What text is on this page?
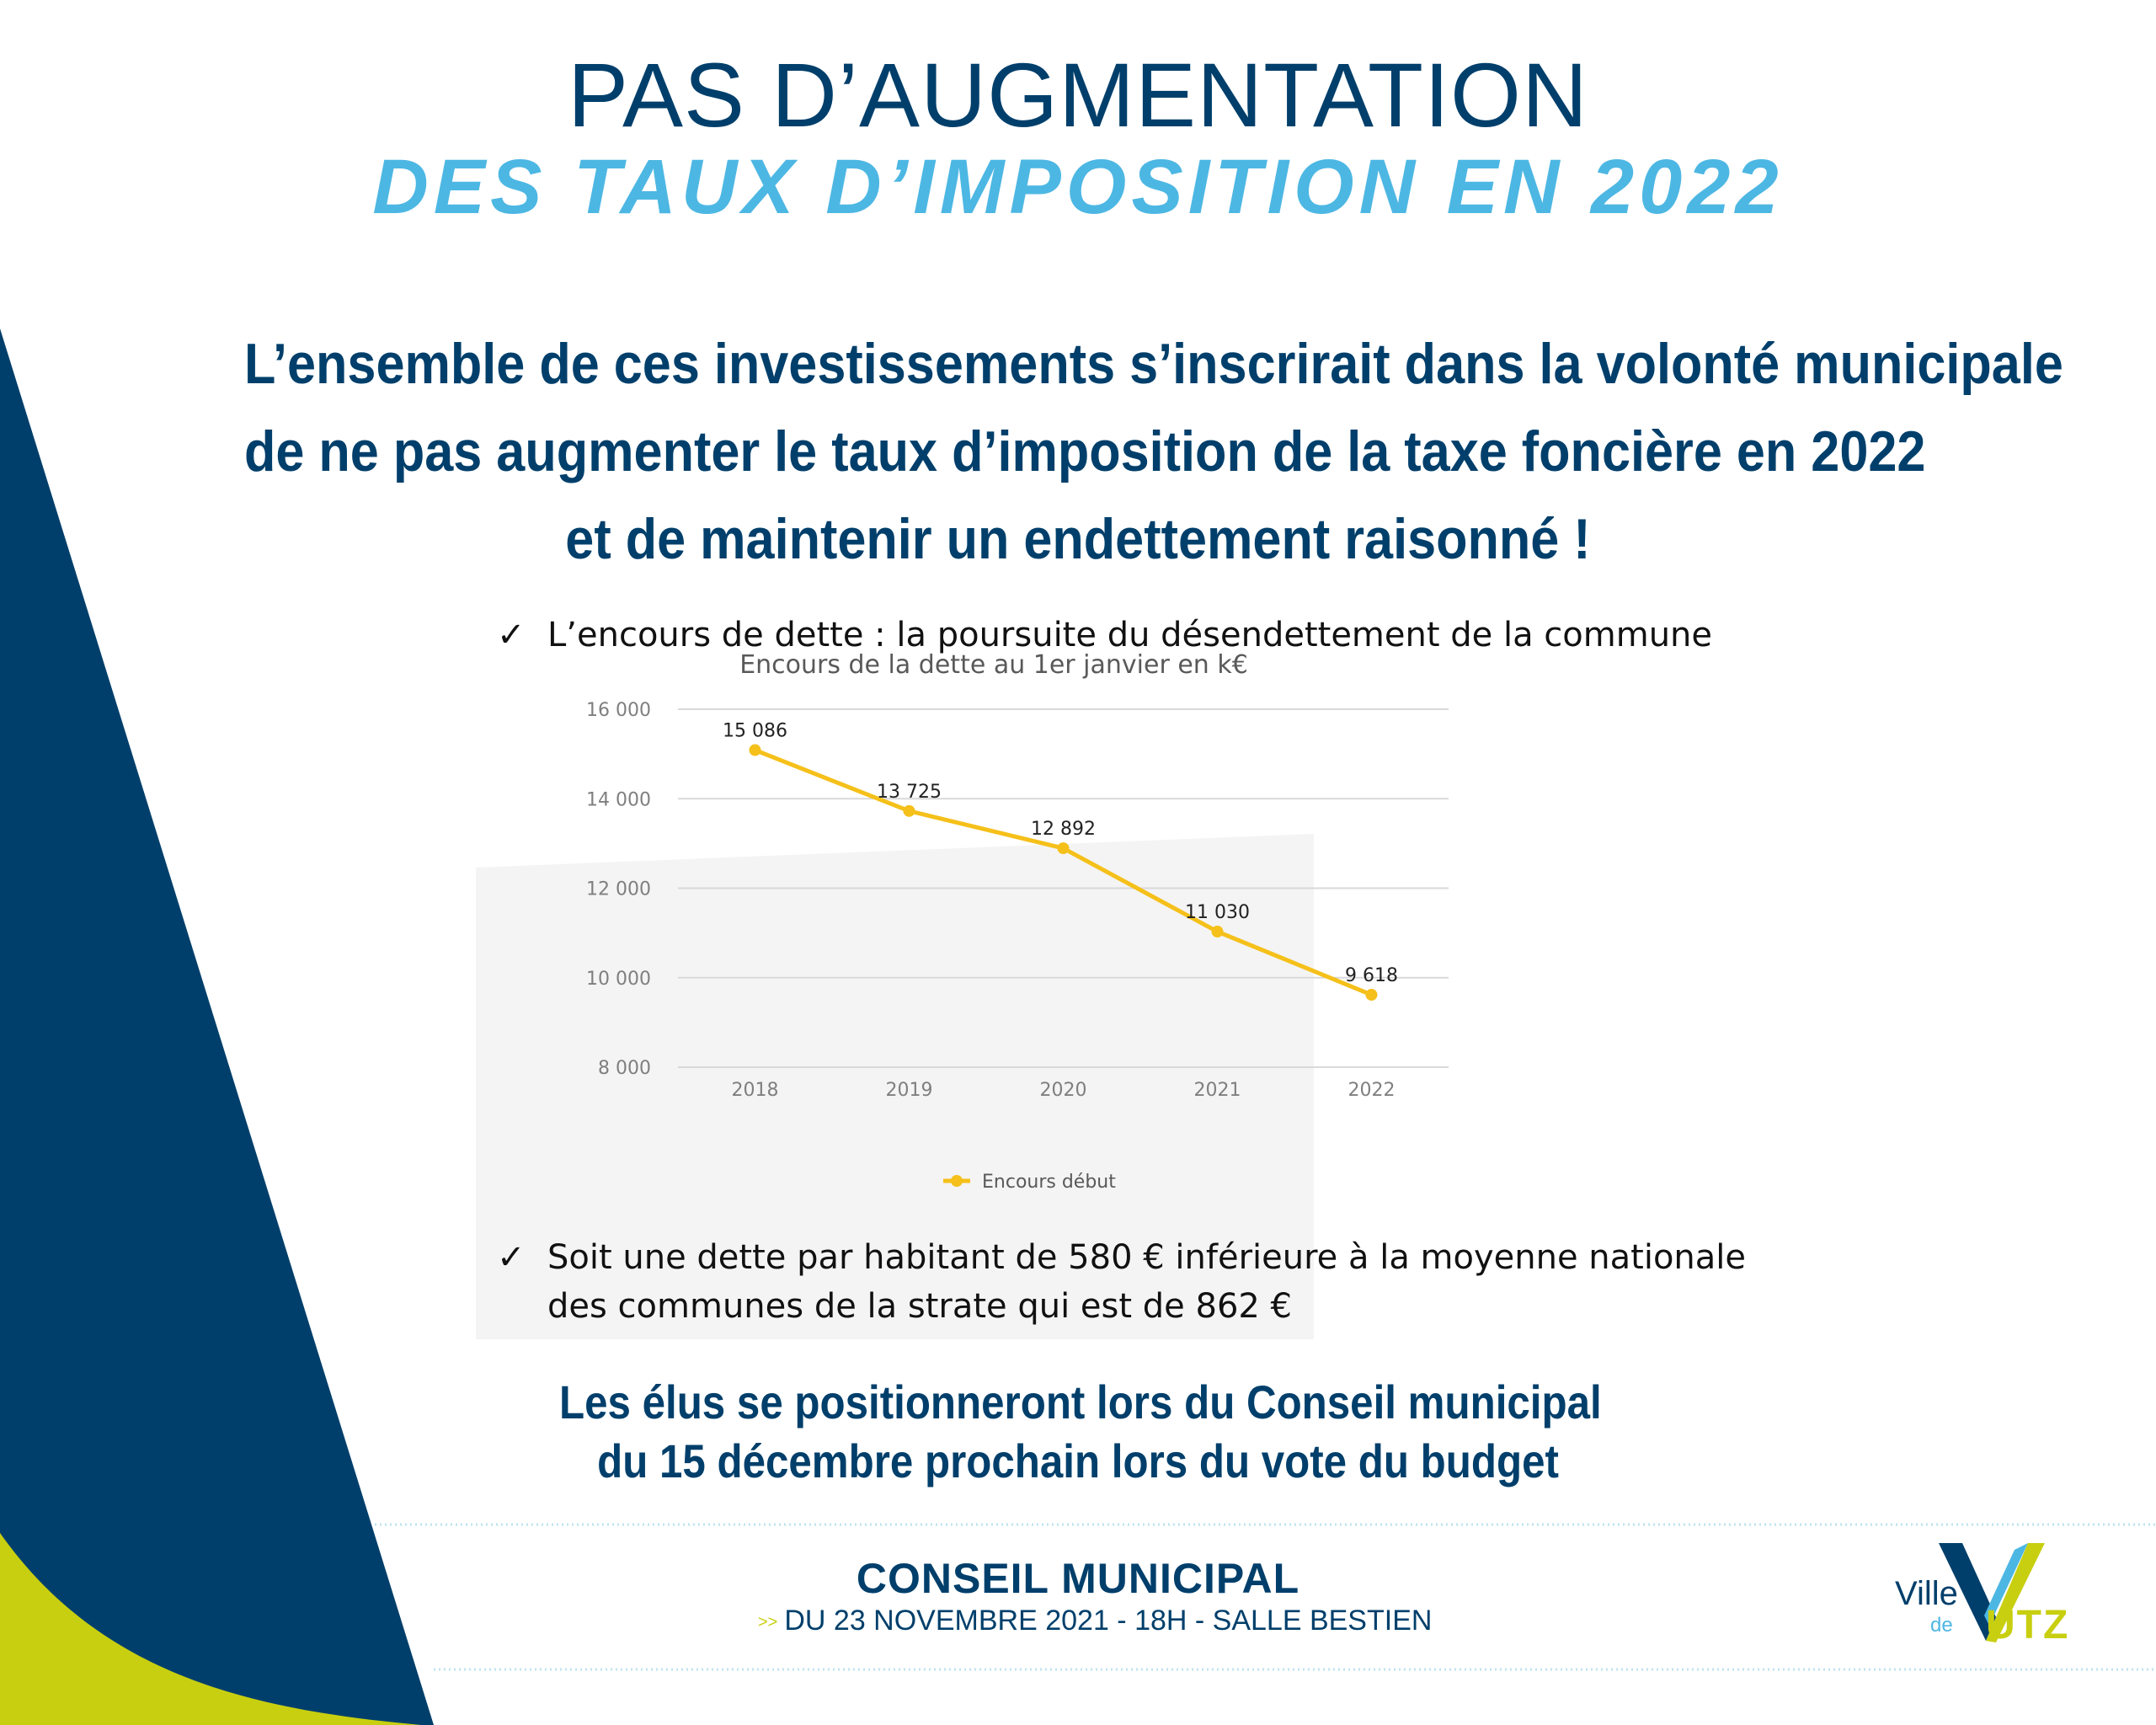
PAS D’AUGMENTATION
DES TAUX D’IMPOSITION EN 2022
L’ensemble de ces investissements s’inscrirait dans la volonté municipale
de ne pas augmenter le taux d’imposition de la taxe foncière en 2022
et de maintenir un endettement raisonné !
✓ L’encours de dette : la poursuite du désendettement de la commune
Encours de la dette au 1er janvier en k€
8 000
10 000
12 000
14 000
16 000
2018	2019	2020	2021	2022
15 086
13 725
12 892
11 030
9 618
Encours début
✓ Soit une dette par habitant de 580 € inférieure à la moyenne nationale
des communes de la strate qui est de 862 €
Les élus se positionneront lors du Conseil municipal
du 15 décembre prochain lors du vote du budget
CONSEIL MUNICIPAL
>> DU 23 NOVEMBRE 2021 - 18H - SALLE BESTIEN
Ville
de UTZ
